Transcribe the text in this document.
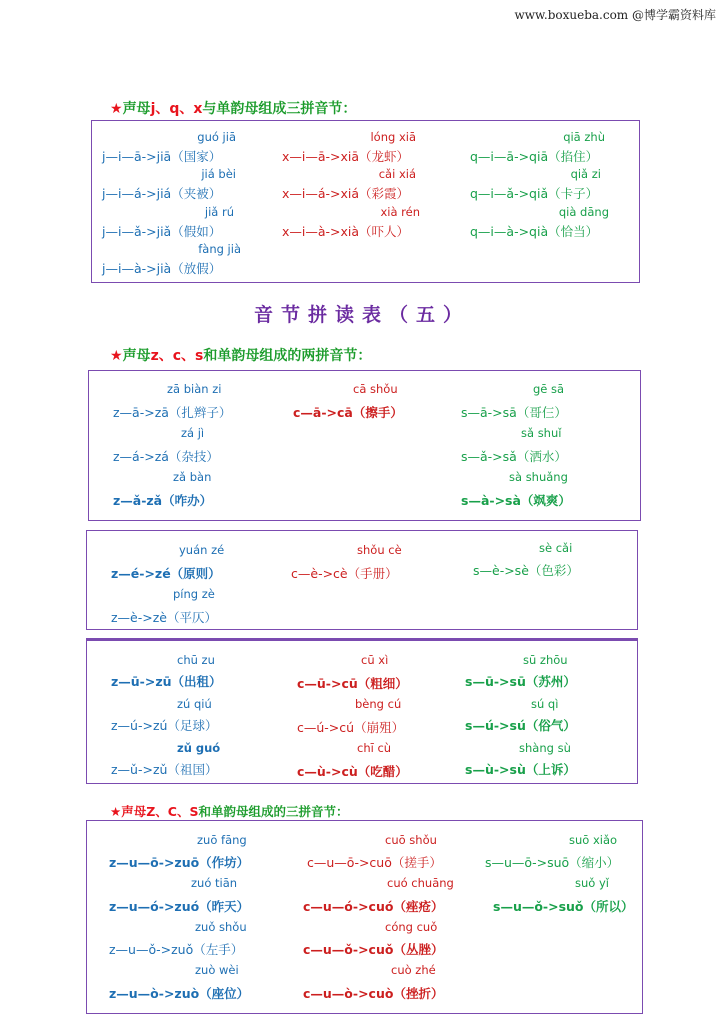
www.boxueba.com @博学霸资料库
★声母j、q、x与单韵母组成三拼音节：
guó jiā
j—i—ā->jiā（国家）
lóng xiā
x—i—ā->xiā（龙虾）
qiā zhù
q—i—ā->qiā（掐住）
jiá bèi
j—i—á->jiá（夹被）
cǎi xiá
x—i—á->xiá（彩霞）
qiǎ zi
q—i—ǎ->qiǎ（卡子）
jiǎ rú
j—i—ǎ->jiǎ（假如）
xià rén
x—i—à->xià（吓人）
qià dāng
q—i—à->qià（恰当）
fàng jià
j—i—à->jià（放假）
音节拼读表（五）
★声母z、c、s和单韵母组成的两拼音节：
zā biàn zi
z—ā->zā（扎辫子）
cā shǒu
c—ā->cā（擦手）
gē sā
s—ā->sā（哥仨）
zá jì
z—á->zá（杂技）
sǎ shuǐ
s—ǎ->sǎ（洒水）
zǎ bàn
z—ǎ-zǎ（咋办）
sà shuǎng
s—à->sà（飒爽）
yuán zé
z—é->zé（原则）
shǒu cè
c—è->cè（手册）
sè cǎi
s—è->sè（色彩）
píng zè
z—è->zè（平仄）
chū zu
z—ū->zū（出租）
cū xì
c—ū->cū（粗细）
sū zhōu
s—ū->sū（苏州）
zú qiú
z—ú->zú（足球）
bèng cú
c—ú->cú（崩殂）
sú qì
s—ú->sú（俗气）
zǔ guó
z—ǔ->zǔ（祖国）
chī cù
c—ù->cù（吃醋）
shàng sù
s—ù->sù（上诉）
★声母Z、C、S和单韵母组成的三拼音节：
zuō fāng
z—u—ō->zuō（作坊）
cuō shǒu
c—u—ō->cuō（搓手）
suō xiǎo
s—u—ō->suō（缩小）
zuó tiān
z—u—ó->zuó（昨天）
cuó chuāng
c—u—ó->cuó（痤疮）
suǒ yǐ
s—u—ǒ->suǒ（所以）
zuǒ shǒu
z—u—ǒ->zuǒ（左手）
cóng cuǒ
c—u—ǒ->cuǒ（丛脞）
zuò wèi
z—u—ò->zuò（座位）
cuò zhé
c—u—ò->cuò（挫折）
